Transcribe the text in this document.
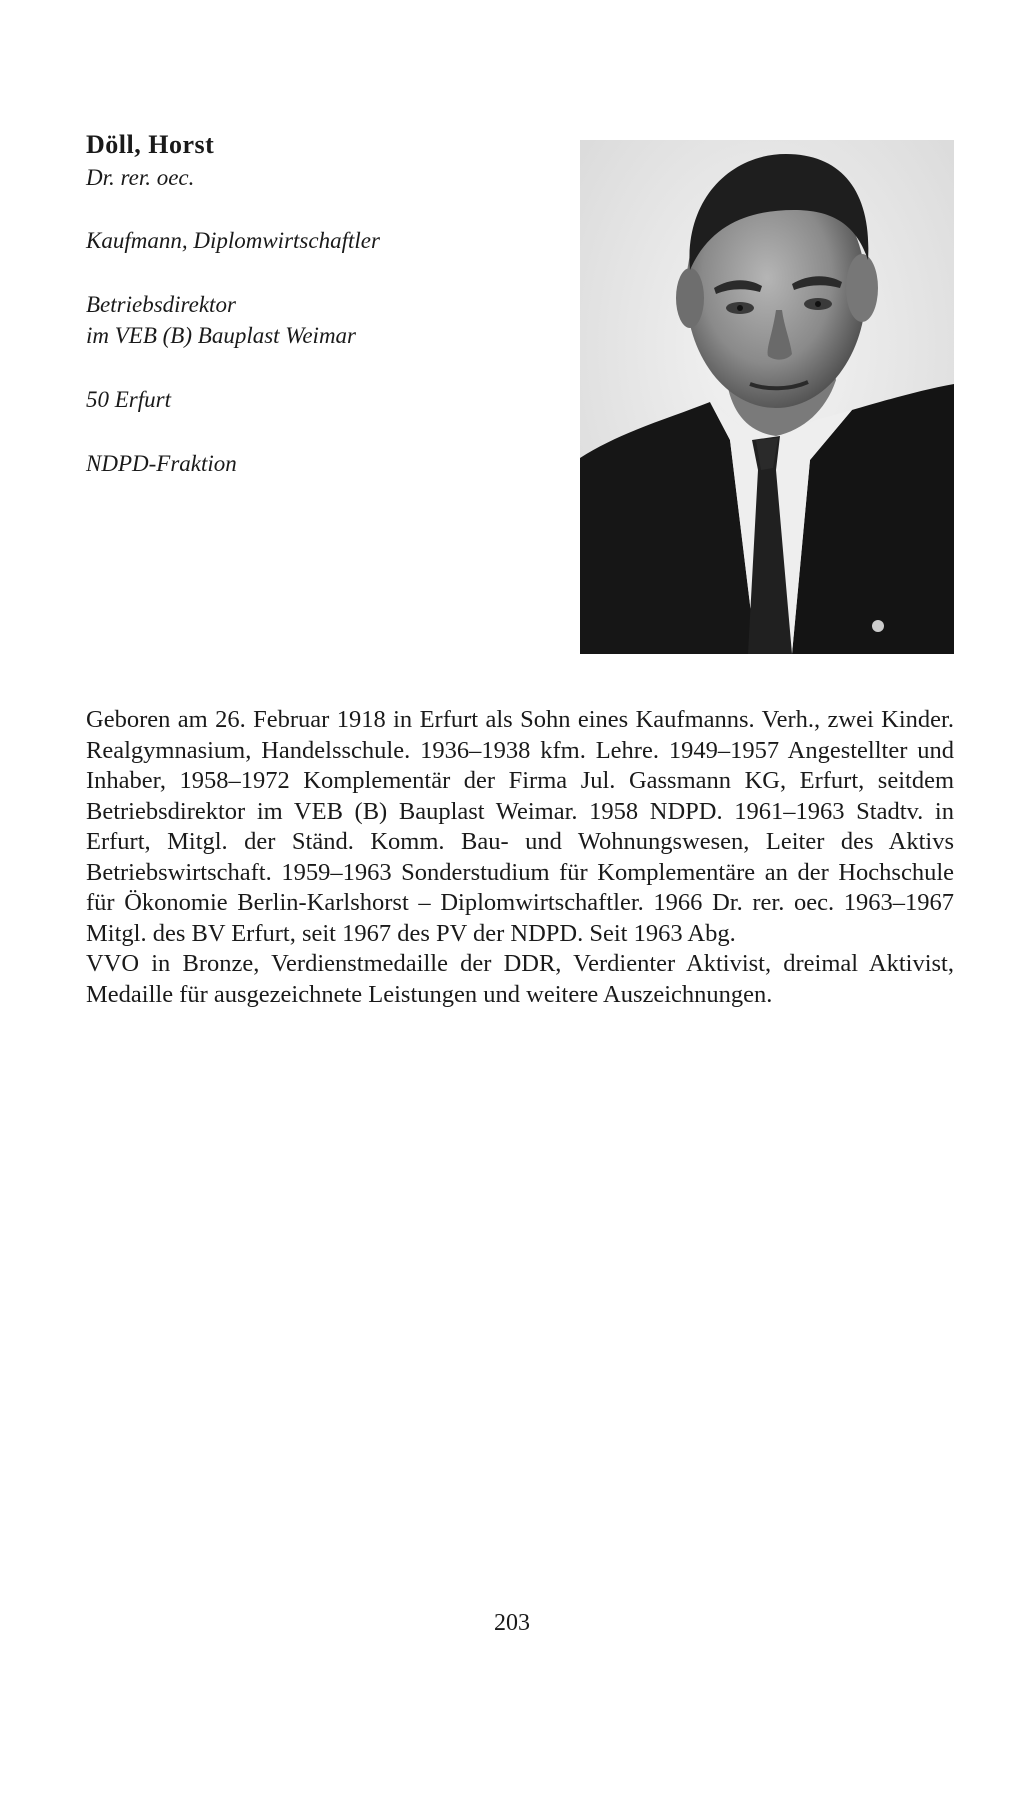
Döll, Horst

Dr. rer. oec.

Kaufmann, Diplomwirtschaftler

Betriebsdirektor

im VEB (B) Bauplast Weimar

50 Erfurt

NDPD-Fraktion

Geboren am 26. Februar 1918 in Erfurt als Sohn eines Kaufmanns. Verh., zwei Kinder. Realgymnasium, Handelsschule. 1936–1938 kfm. Lehre. 1949–1957 Angestellter und Inhaber, 1958–1972 Komplementär der Firma Jul. Gassmann KG, Erfurt, seitdem Betriebsdirektor im VEB (B) Bauplast Weimar. 1958 NDPD. 1961–1963 Stadtv. in Erfurt, Mitgl. der Ständ. Komm. Bau- und Wohnungswesen, Leiter des Aktivs Betriebswirtschaft. 1959–1963 Sonderstudium für Komplementäre an der Hochschule für Ökonomie Berlin-Karlshorst – Diplomwirtschaftler. 1966 Dr. rer. oec. 1963–1967 Mitgl. des BV Erfurt, seit 1967 des PV der NDPD. Seit 1963 Abg.

VVO in Bronze, Verdienstmedaille der DDR, Verdienter Aktivist, dreimal Aktivist, Medaille für ausgezeichnete Leistungen und weitere Auszeichnungen.

203
